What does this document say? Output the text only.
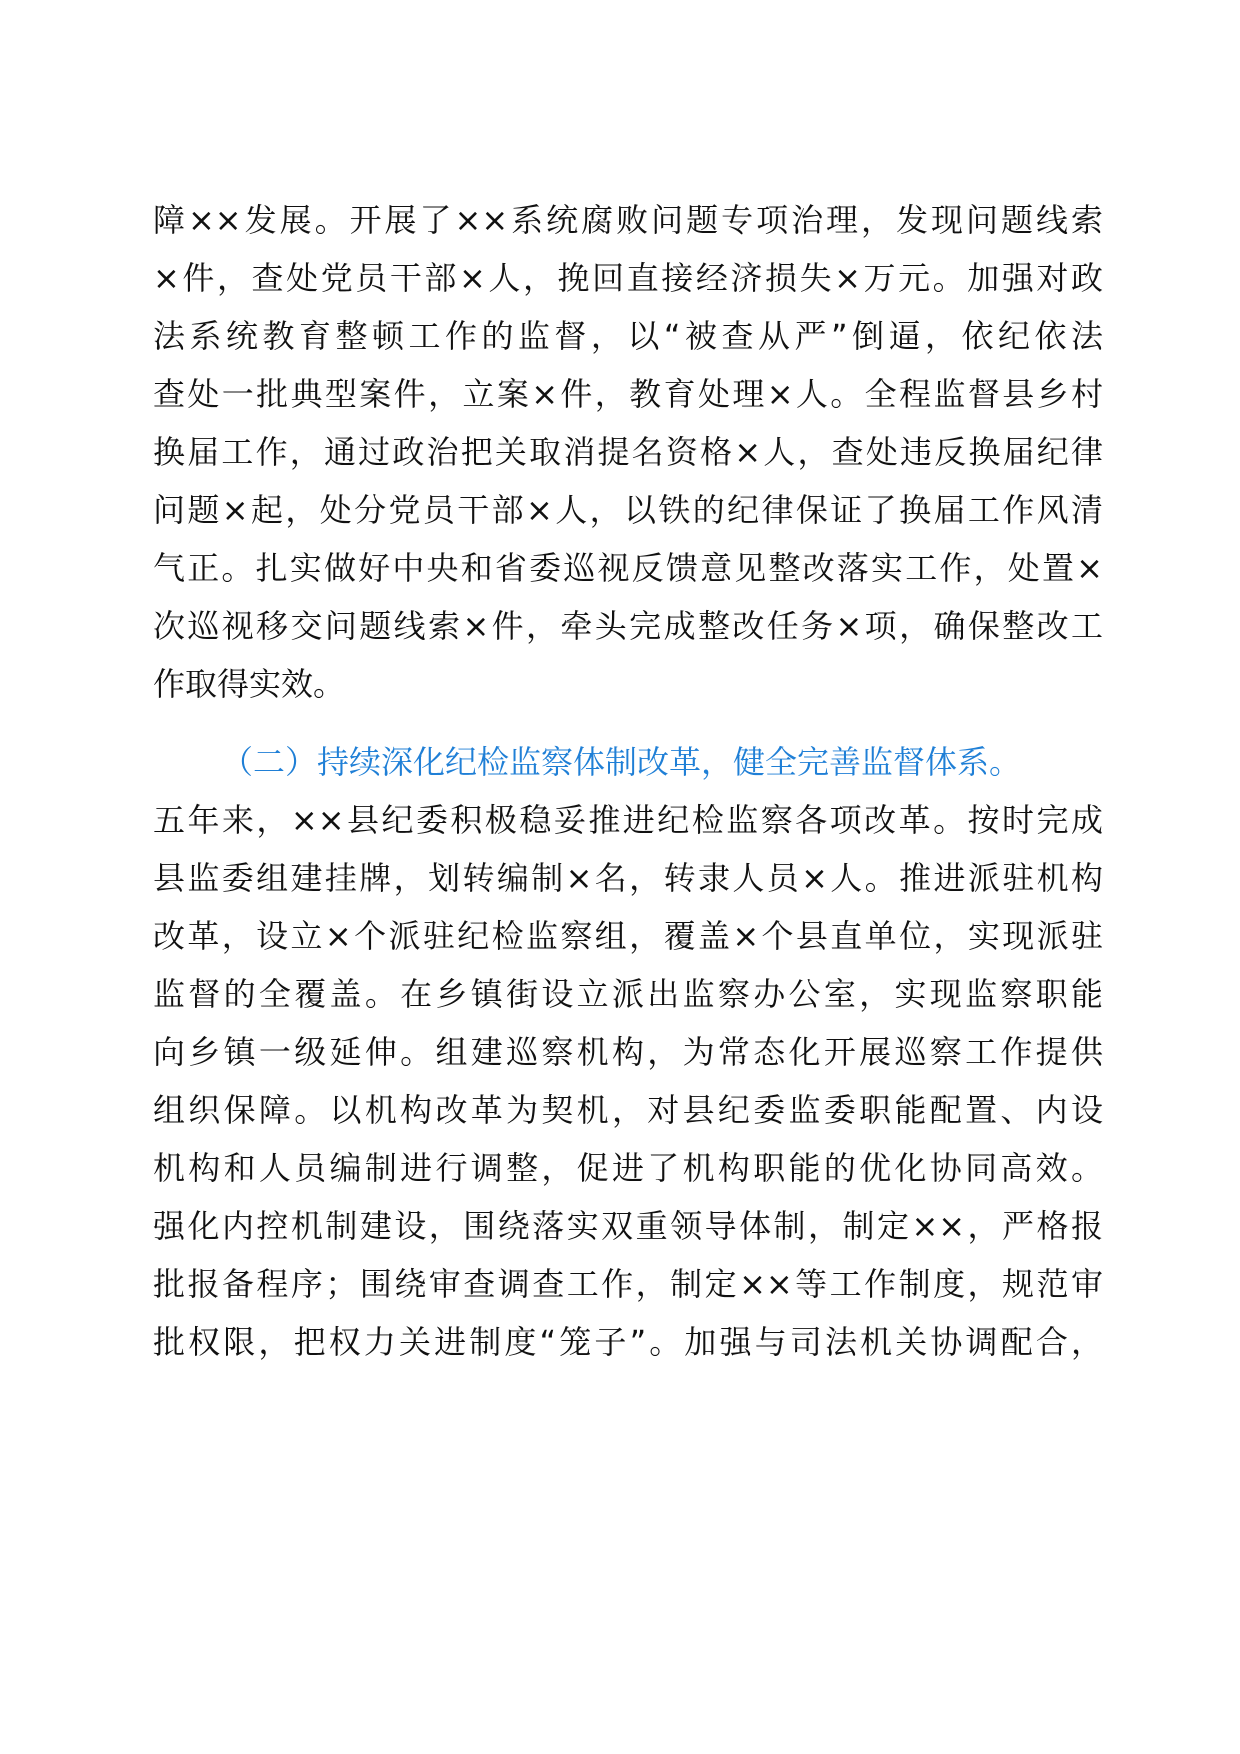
障××发展。开展了××系统腐败问题专项治理，发现问题线索
×件，查处党员干部×人，挽回直接经济损失×万元。加强对政
法系统教育整顿工作的监督，以“被查从严”倒逼，依纪依法
查处一批典型案件，立案×件，教育处理×人。全程监督县乡村
换届工作，通过政治把关取消提名资格×人，查处违反换届纪律
问题×起，处分党员干部×人，以铁的纪律保证了换届工作风清
气正。扎实做好中央和省委巡视反馈意见整改落实工作，处置×
次巡视移交问题线索×件，牵头完成整改任务×项，确保整改工
作取得实效。
（二）持续深化纪检监察体制改革，健全完善监督体系。
五年来，××县纪委积极稳妥推进纪检监察各项改革。按时完成
县监委组建挂牌，划转编制×名，转隶人员×人。推进派驻机构
改革，设立×个派驻纪检监察组，覆盖×个县直单位，实现派驻
监督的全覆盖。在乡镇街设立派出监察办公室，实现监察职能
向乡镇一级延伸。组建巡察机构，为常态化开展巡察工作提供
组织保障。以机构改革为契机，对县纪委监委职能配置、内设
机构和人员编制进行调整，促进了机构职能的优化协同高效。
强化内控机制建设，围绕落实双重领导体制，制定××，严格报
批报备程序；围绕审查调查工作，制定××等工作制度，规范审
批权限，把权力关进制度“笼子”。加强与司法机关协调配合，
